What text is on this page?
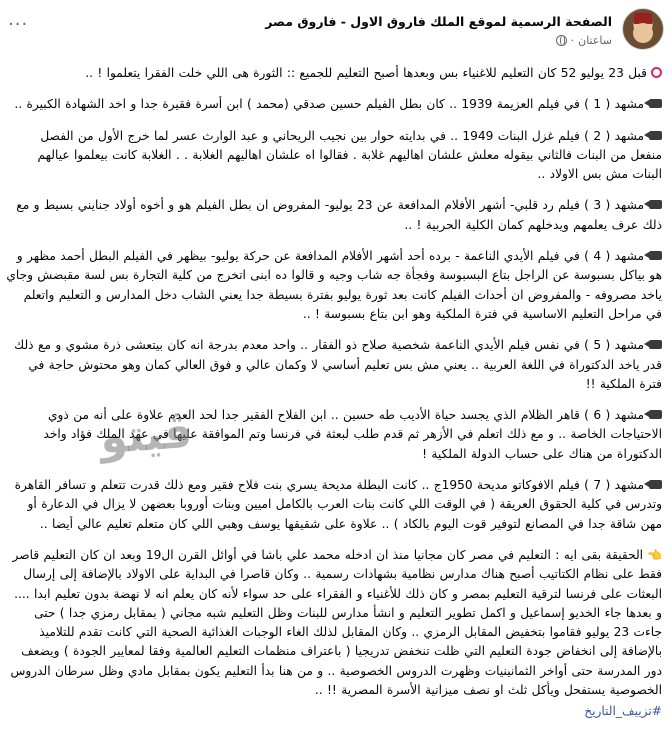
الصفحة الرسمية لموقع الملك فاروق الاول - فاروق مصر
ساعتان
·
···

قبل 23 يوليو 52 كان التعليم للاغنياء بس وبعدها أصبح التعليم للجميع :: الثورة هى اللي خلت الفقرا يتعلموا ! ..

مشهد ( 1 ) في فيلم العزيمة 1939 .. كان بطل الفيلم حسين صدقي (محمد ) ابن أسرة فقيرة جدا و اخد الشهادة الكبيرة ..

مشهد ( 2 ) فيلم غزل البنات 1949 .. في بدايته حوار بين نجيب الريحاني و عبد الوارث عسر لما خرج الأول من الفصل منفعل من البنات فالثاني بيقوله معلش علشان اهاليهم غلابة . فقالوا اه علشان اهاليهم الغلابة . . الغلابة كانت بيعلموا عيالهم البنات مش بس الاولاد ..

مشهد ( 3 ) فيلم رد قلبي- أشهر الأفلام المدافعة عن 23 يوليو- المفروض ان بطل الفيلم هو و أخوه أولاد جنايني بسيط و مع ذلك عرف يعلمهم ويدخلهم كمان الكلية الحربية ! ..

مشهد ( 4 ) في فيلم الأيدي الناعمة - برده أحد أشهر الأفلام المدافعة عن حركة يوليو- بيظهر في الفيلم البطل أحمد مظهر و هو بياكل بسبوسة عن الراجل بتاع البسبوسة وفجأة جه شاب وجيه و قالوا ده ابنى اتخرج من كلية التجارة بس لسة مقبضش وجاي ياخد مصروفه - والمفروض ان أحداث الفيلم كانت بعد ثورة يوليو بفترة بسيطة جدا يعني الشاب دخل المدارس و التعليم واتعلم في مراحل التعليم الاساسية في فترة الملكية وهو ابن بتاع بسبوسة ! ..

مشهد ( 5 ) في نفس فيلم الأيدي الناعمة شخصية صلاح ذو الفقار .. واحد معدم بدرجة انه كان بيتعشى ذرة مشوي و مع ذلك قدر ياخد الدكتوراة في اللغة العربية .. يعني مش بس تعليم أساسي لا وكمان عالي و فوق العالي كمان وهو محتوش حاجة في فترة الملكية !!

مشهد ( 6 ) قاهر الظلام الذي يجسد حياة الأديب طه حسين .. ابن الفلاح الفقير جدا لحد العدم علاوة على أنه من ذوي الاحتياجات الخاصة .. و مع ذلك اتعلم في الأزهر ثم قدم طلب لبعثة في فرنسا وتم الموافقة عليها في عهد الملك فؤاد واخد الدكتوراة من هناك على حساب الدولة الملكية !

مشهد ( 7 ) فيلم الافوكاتو مديحة 1950ج .. كانت البطلة مديحة يسري بنت فلاح فقير ومع ذلك قدرت تتعلم و تسافر القاهرة وتدرس في كلية الحقوق العريقة ( في الوقت اللي كانت بنات العرب بالكامل اميين وبنات أوروبا بعضهن لا يزال في الدعارة أو مهن شاقة جدا في المصانع لتوفير قوت اليوم بالكاد ) .. علاوة على شقيقها يوسف وهبي اللي كان متعلم تعليم عالي أيضا ..

👈الحقيقة بقى ايه : التعليم في مصر كان مجانيا منذ ان ادخله محمد علي باشا في أوائل القرن ال19 وبعد ان كان التعليم قاصر فقط على نظام الكتاتيب أصبح هناك مدارس نظامية بشهادات رسمية .. وكان قاصرا في البداية على الاولاد بالإضافة إلى إرسال البعثات على فرنسا لترقية التعليم بمصر و كان ذلك للأغنياء و الفقراء على حد سواء لأنه كان يعلم انه لا نهضة بدون تعليم ابدا .... و بعدها جاء الخديو إسماعيل و اكمل تطوير التعليم و انشأ مدارس للبنات وظل التعليم شبه مجاني ( بمقابل رمزي جدا ) حتى جاءت 23 يوليو فقاموا بتخفيض المقابل الرمزي .. وكان المقابل لذلك الغاء الوجبات الغذائية الصحية التي كانت تقدم للتلاميذ بالإضافة إلى انخفاض جودة التعليم التي ظلت تنخفض تدريجيا ( باعتراف منظمات التعليم العالمية وفقا لمعايير الجودة ) ويضعف دور المدرسة حتى أواخر الثمانينيات وظهرت الدروس الخصوصية .. و من هنا بدأ التعليم يكون بمقابل مادي وظل سرطان الدروس الخصوصية يستفحل ويأكل ثلث او نصف ميزانية الأسرة المصرية !! ..

#تزييف_التاريخ

ڤيتو
